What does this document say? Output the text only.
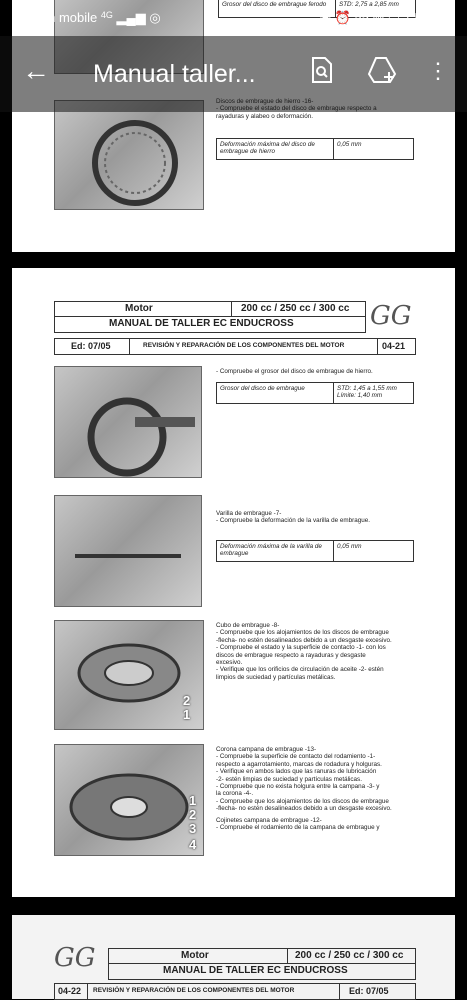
Grosor del disco de embrague ferodo	STD: 2,75 a 2,85 mm
rayaduras y alabeo o deformación.
Deformación máxima del disco de embrague de hierro
0,05 mm
Motor	200 cc / 250 cc / 300 cc
MANUAL DE TALLER EC ENDUCROSS	GG
Ed: 07/05	REVISIÓN Y REPARACIÓN DE LOS COMPONENTES DEL MOTOR	04-21
- Compruebe el grosor del disco de embrague de hierro.
Grosor del disco de embrague	STD: 1,45 a 1,55 mm
Límite: 1,40 mm
Varilla de embrague -7-
- Compruebe la deformación de la varilla de embrague.
Deformación máxima de la varilla de embrague
0,05 mm
2
1
Cubo de embrague -8-
- Compruebe que los alojamientos de los discos de embrague
-flecha- no estén desalineados debido a un desgaste excesivo.
- Compruebe el estado y la superficie de contacto -1- con los
discos de embrague respecto a rayaduras y desgaste
excesivo.
- Verifique que los orificios de circulación de aceite -2- estén
limpios de suciedad y partículas metálicas.
1
2
3
4
Corona campana de embrague -13-
- Compruebe la superficie de contacto del rodamiento -1-
respecto a agarrotamiento, marcas de rodadura y holguras.
- Verifique en ambos lados que las ranuras de lubricación
-2- estén limpias de suciedad y partículas metálicas.
- Compruebe que no exista holgura entre la campana -3- y
la corona -4-.
- Compruebe que los alojamientos de los discos de embrague
-flecha- no estén desalineados debido a un desgaste excesivo.
Cojinetes campana de embrague -12-
- Compruebe el rodamiento de la campana de embrague y
GG	Motor	200 cc / 250 cc / 300 cc
MANUAL DE TALLER EC ENDUCROSS
04-22 REVISIÓN Y REPARACIÓN DE LOS COMPONENTES DEL MOTOR	Ed: 07/05
ion mobile $^{4G}$ ▂▄▆ ◎	◉ ⏰ 55 % ▭ 7:58
← Manual taller...	⋮
